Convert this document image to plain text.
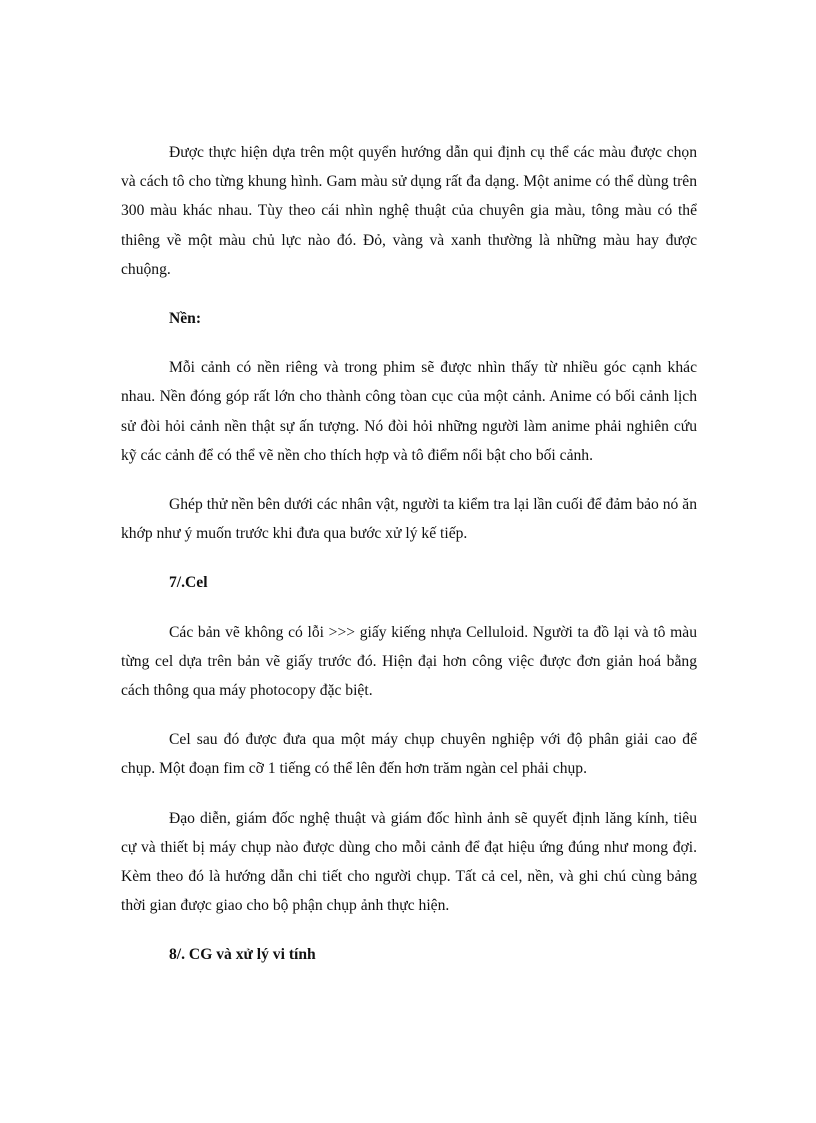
Được thực hiện dựa trên một quyển hướng dẫn qui định cụ thể các màu được chọn và cách tô cho từng khung hình. Gam màu sử dụng rất đa dạng. Một anime có thể dùng trên 300 màu khác nhau. Tùy theo cái nhìn nghệ thuật của chuyên gia màu, tông màu có thể thiêng về một màu chủ lực nào đó. Đỏ, vàng và xanh thường là những màu hay được chuộng.

Nền:

Mỗi cảnh có nền riêng và trong phim sẽ được nhìn thấy từ nhiều góc cạnh khác nhau. Nền đóng góp rất lớn cho thành công tòan cục của một cảnh. Anime có bối cảnh lịch sử đòi hỏi cảnh nền thật sự ấn tượng. Nó đòi hỏi những người làm anime phải nghiên cứu kỹ các cảnh để có thể vẽ nền cho thích hợp và tô điểm nổi bật cho bối cảnh.

Ghép thử nền bên dưới các nhân vật, người ta kiểm tra lại lần cuối để đảm bảo nó ăn khớp như ý muốn trước khi đưa qua bước xử lý kế tiếp.

7/.Cel

Các bản vẽ không có lỗi >>> giấy kiếng nhựa Celluloid. Người ta đồ lại và tô màu từng cel dựa trên bản vẽ giấy trước đó. Hiện đại hơn công việc được đơn giản hoá bằng cách thông qua máy photocopy đặc biệt.

Cel sau đó được đưa qua một máy chụp chuyên nghiệp với độ phân giải cao để chụp. Một đoạn fim cỡ 1 tiếng có thể lên đến hơn trăm ngàn cel phải chụp.

Đạo diễn, giám đốc nghệ thuật và giám đốc hình ảnh sẽ quyết định lăng kính, tiêu cự và thiết bị máy chụp nào được dùng cho mỗi cảnh để đạt hiệu ứng đúng như mong đợi. Kèm theo đó là hướng dẫn chi tiết cho người chụp. Tất cả cel, nền, và ghi chú cùng bảng thời gian được giao cho bộ phận chụp ảnh thực hiện.

8/. CG và xử lý vi tính
